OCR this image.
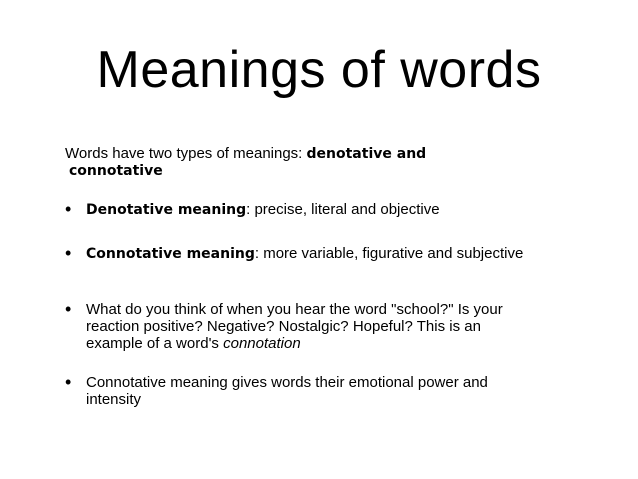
Meanings of words
Words have two types of meanings: denotative and
connotative
•	Denotative meaning: precise, literal and objective
•	Connotative meaning: more variable, figurative and subjective
• What do you think of when you hear the word "school?" Is your reaction positive? Negative? Nostalgic? Hopeful? This is an example of a word's connotation
• Connotative meaning gives words their emotional power and intensity
